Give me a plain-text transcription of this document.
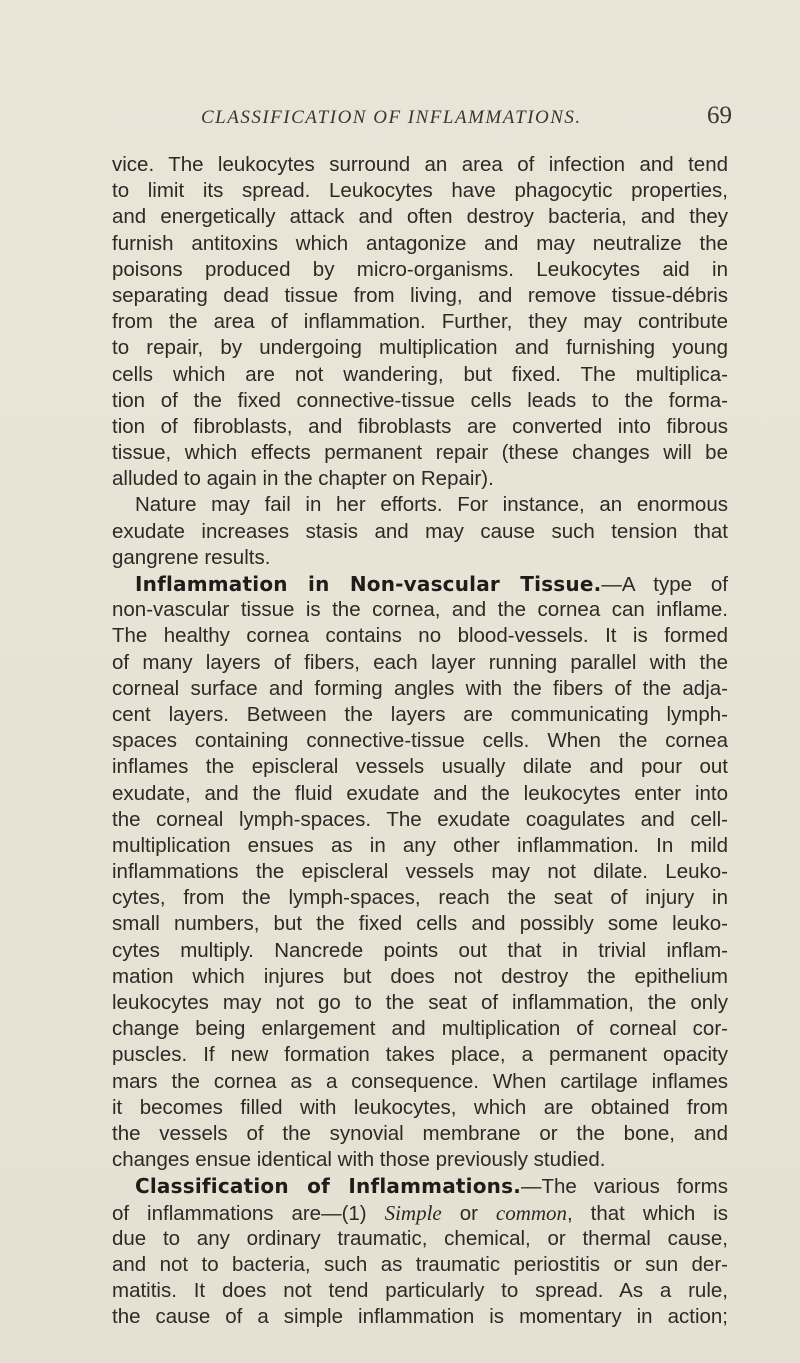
CLASSIFICATION OF INFLAMMATIONS.	69
vice. The leukocytes surround an area of infection and tend
to limit its spread. Leukocytes have phagocytic properties,
and energetically attack and often destroy bacteria, and they
furnish antitoxins which antagonize and may neutralize the
poisons produced by micro-organisms. Leukocytes aid in
separating dead tissue from living, and remove tissue-débris
from the area of inflammation. Further, they may contribute
to repair, by undergoing multiplication and furnishing young
cells which are not wandering, but fixed. The multiplica-
tion of the fixed connective-tissue cells leads to the forma-
tion of fibroblasts, and fibroblasts are converted into fibrous
tissue, which effects permanent repair (these changes will be
alluded to again in the chapter on Repair).
Nature may fail in her efforts. For instance, an enormous
exudate increases stasis and may cause such tension that
gangrene results.
Inflammation in Non-vascular Tissue.—A type of
non-vascular tissue is the cornea, and the cornea can inflame.
The healthy cornea contains no blood-vessels. It is formed
of many layers of fibers, each layer running parallel with the
corneal surface and forming angles with the fibers of the adja-
cent layers. Between the layers are communicating lymph-
spaces containing connective-tissue cells. When the cornea
inflames the episcleral vessels usually dilate and pour out
exudate, and the fluid exudate and the leukocytes enter into
the corneal lymph-spaces. The exudate coagulates and cell-
multiplication ensues as in any other inflammation. In mild
inflammations the episcleral vessels may not dilate. Leuko-
cytes, from the lymph-spaces, reach the seat of injury in
small numbers, but the fixed cells and possibly some leuko-
cytes multiply. Nancrede points out that in trivial inflam-
mation which injures but does not destroy the epithelium
leukocytes may not go to the seat of inflammation, the only
change being enlargement and multiplication of corneal cor-
puscles. If new formation takes place, a permanent opacity
mars the cornea as a consequence. When cartilage inflames
it becomes filled with leukocytes, which are obtained from
the vessels of the synovial membrane or the bone, and
changes ensue identical with those previously studied.
Classification of Inflammations.—The various forms
of inflammations are—(1) Simple or common, that which is
due to any ordinary traumatic, chemical, or thermal cause,
and not to bacteria, such as traumatic periostitis or sun der-
matitis. It does not tend particularly to spread. As a rule,
the cause of a simple inflammation is momentary in action;
